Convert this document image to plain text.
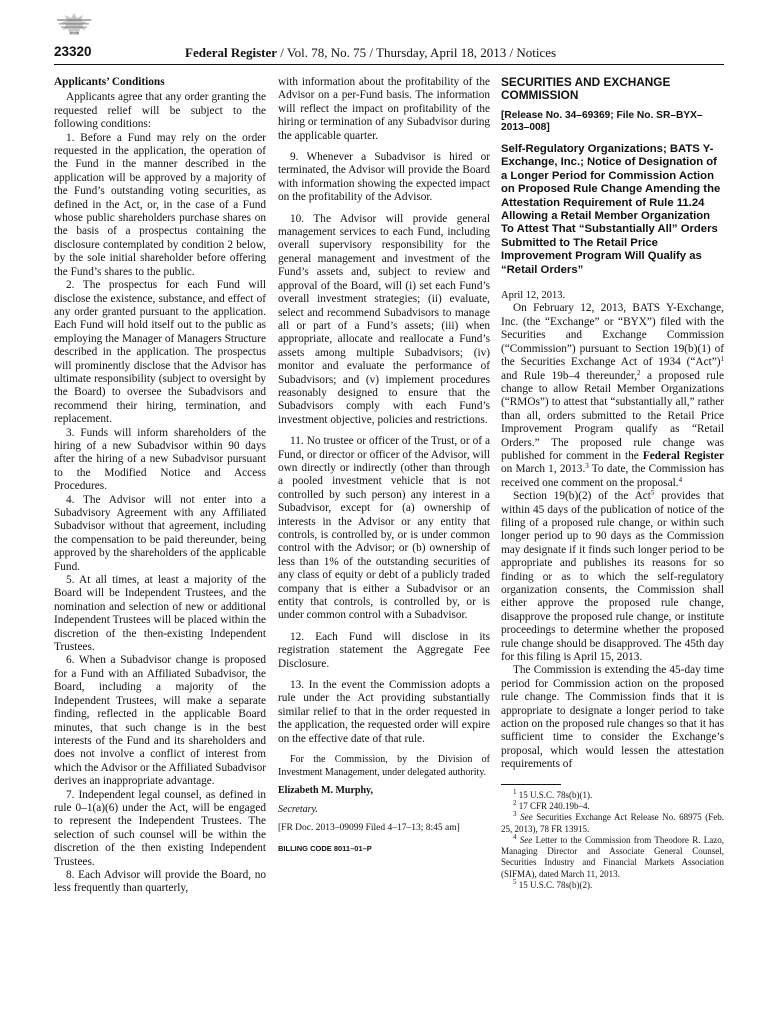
23320	Federal Register / Vol. 78, No. 75 / Thursday, April 18, 2013 / Notices

Applicants’ Conditions

Applicants agree that any order granting the requested relief will be subject to the following conditions:

1. Before a Fund may rely on the order requested in the application, the operation of the Fund in the manner described in the application will be approved by a majority of the Fund’s outstanding voting securities, as defined in the Act, or, in the case of a Fund whose public shareholders purchase shares on the basis of a prospectus containing the disclosure contemplated by condition 2 below, by the sole initial shareholder before offering the Fund’s shares to the public.

2. The prospectus for each Fund will disclose the existence, substance, and effect of any order granted pursuant to the application. Each Fund will hold itself out to the public as employing the Manager of Managers Structure described in the application. The prospectus will prominently disclose that the Advisor has ultimate responsibility (subject to oversight by the Board) to oversee the Subadvisors and recommend their hiring, termination, and replacement.

3. Funds will inform shareholders of the hiring of a new Subadvisor within 90 days after the hiring of a new Subadvisor pursuant to the Modified Notice and Access Procedures.

4. The Advisor will not enter into a Subadvisory Agreement with any Affiliated Subadvisor without that agreement, including the compensation to be paid thereunder, being approved by the shareholders of the applicable Fund.

5. At all times, at least a majority of the Board will be Independent Trustees, and the nomination and selection of new or additional Independent Trustees will be placed within the discretion of the then-existing Independent Trustees.

6. When a Subadvisor change is proposed for a Fund with an Affiliated Subadvisor, the Board, including a majority of the Independent Trustees, will make a separate finding, reflected in the applicable Board minutes, that such change is in the best interests of the Fund and its shareholders and does not involve a conflict of interest from which the Advisor or the Affiliated Subadvisor derives an inappropriate advantage.

7. Independent legal counsel, as defined in rule 0–1(a)(6) under the Act, will be engaged to represent the Independent Trustees. The selection of such counsel will be within the discretion of the then existing Independent Trustees.

8. Each Advisor will provide the Board, no less frequently than quarterly,

with information about the profitability of the Advisor on a per-Fund basis. The information will reflect the impact on profitability of the hiring or termination of any Subadvisor during the applicable quarter.

9. Whenever a Subadvisor is hired or terminated, the Advisor will provide the Board with information showing the expected impact on the profitability of the Advisor.

10. The Advisor will provide general management services to each Fund, including overall supervisory responsibility for the general management and investment of the Fund’s assets and, subject to review and approval of the Board, will (i) set each Fund’s overall investment strategies; (ii) evaluate, select and recommend Subadvisors to manage all or part of a Fund’s assets; (iii) when appropriate, allocate and reallocate a Fund’s assets among multiple Subadvisors; (iv) monitor and evaluate the performance of Subadvisors; and (v) implement procedures reasonably designed to ensure that the Subadvisors comply with each Fund’s investment objective, policies and restrictions.

11. No trustee or officer of the Trust, or of a Fund, or director or officer of the Advisor, will own directly or indirectly (other than through a pooled investment vehicle that is not controlled by such person) any interest in a Subadvisor, except for (a) ownership of interests in the Advisor or any entity that controls, is controlled by, or is under common control with the Advisor; or (b) ownership of less than 1% of the outstanding securities of any class of equity or debt of a publicly traded company that is either a Subadvisor or an entity that controls, is controlled by, or is under common control with a Subadvisor.

12. Each Fund will disclose in its registration statement the Aggregate Fee Disclosure.

13. In the event the Commission adopts a rule under the Act providing substantially similar relief to that in the order requested in the application, the requested order will expire on the effective date of that rule.

For the Commission, by the Division of Investment Management, under delegated authority.

Elizabeth M. Murphy,

Secretary.

[FR Doc. 2013–09099 Filed 4–17–13; 8:45 am]

BILLING CODE 8011–01–P

SECURITIES AND EXCHANGE COMMISSION

[Release No. 34–69369; File No. SR–BYX–2013–008]

Self-Regulatory Organizations; BATS Y-Exchange, Inc.; Notice of Designation of a Longer Period for Commission Action on Proposed Rule Change Amending the Attestation Requirement of Rule 11.24 Allowing a Retail Member Organization To Attest That “Substantially All” Orders Submitted to The Retail Price Improvement Program Will Qualify as “Retail Orders”

April 12, 2013.

On February 12, 2013, BATS Y-Exchange, Inc. (the “Exchange” or “BYX”) filed with the Securities and Exchange Commission (“Commission”) pursuant to Section 19(b)(1) of the Securities Exchange Act of 1934 (“Act”)$^1$ and Rule 19b–4 thereunder,$^2$ a proposed rule change to allow Retail Member Organizations (“RMOs”) to attest that “substantially all,” rather than all, orders submitted to the Retail Price Improvement Program qualify as “Retail Orders.” The proposed rule change was published for comment in the Federal Register on March 1, 2013.$^3$ To date, the Commission has received one comment on the proposal.$^4$

Section 19(b)(2) of the Act$^5$ provides that within 45 days of the publication of notice of the filing of a proposed rule change, or within such longer period up to 90 days as the Commission may designate if it finds such longer period to be appropriate and publishes its reasons for so finding or as to which the self-regulatory organization consents, the Commission shall either approve the proposed rule change, disapprove the proposed rule change, or institute proceedings to determine whether the proposed rule change should be disapproved. The 45th day for this filing is April 15, 2013.

The Commission is extending the 45-day time period for Commission action on the proposed rule change. The Commission finds that it is appropriate to designate a longer period to take action on the proposed rule changes so that it has sufficient time to consider the Exchange’s proposal, which would lessen the attestation requirements of

$^1$ 15 U.S.C. 78s(b)(1).

$^2$ 17 CFR 240.19b–4.

$^3$ See Securities Exchange Act Release No. 68975 (Feb. 25, 2013), 78 FR 13915.

$^4$ See Letter to the Commission from Theodore R. Lazo, Managing Director and Associate General Counsel, Securities Industry and Financial Markets Association (SIFMA), dated March 11, 2013.

$^5$ 15 U.S.C. 78s(b)(2).
